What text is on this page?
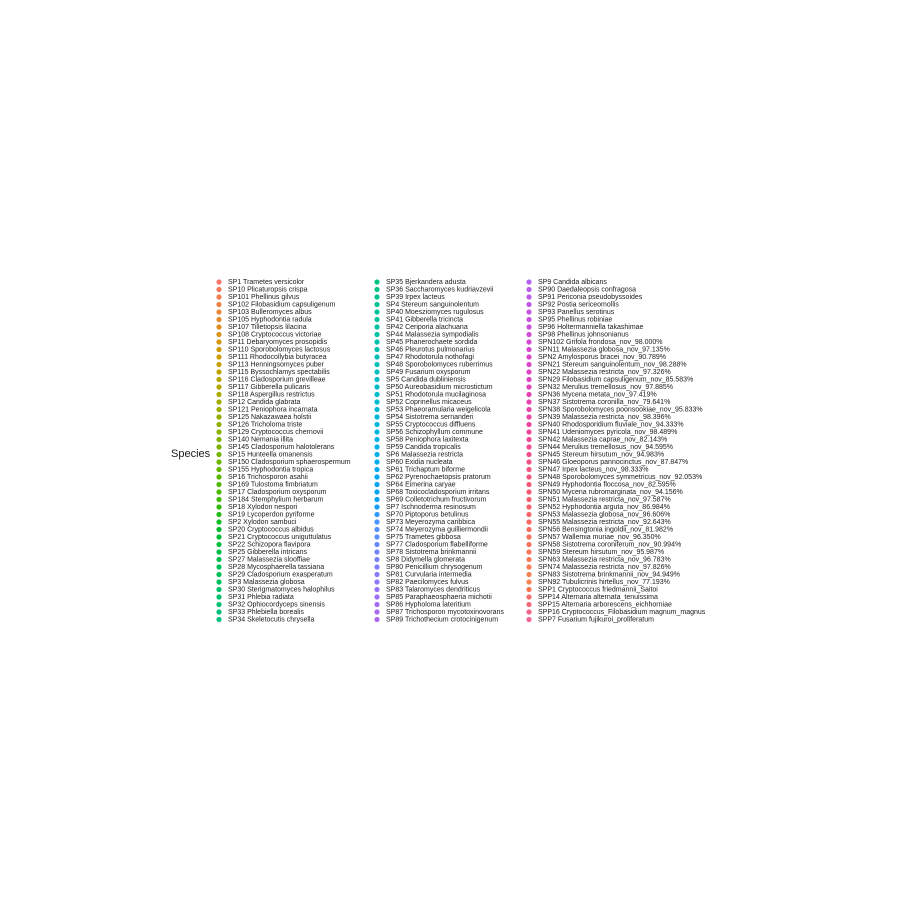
Species
SP1 Trametes versicolor
SP10 Plicaturopsis crispa
SP101 Phellinus gilvus
SP102 Filobasidium capsuligenum
SP103 Bulleromyces albus
SP105 Hyphodontia radula
SP107 Tilletiopsis lilacina
SP108 Cryptococcus victoriae
SP11 Debaryomyces prosopidis
SP110 Sporobolomyces lactosus
SP111 Rhodocollybia butyracea
SP113 Henningsomyces puber
SP115 Byssochlamys spectabilis
SP116 Cladosporium grevilleae
SP117 Gibberella pulicaris
SP118 Aspergillus restrictus
SP12 Candida glabrata
SP121 Peniophora incarnata
SP125 Nakazawaea holstii
SP126 Tricholoma triste
SP129 Cryptococcus chernovii
SP140 Nemania illita
SP145 Cladosporium halotolerans
SP15 Hunteella omanensis
SP150 Cladosporium sphaerospermum
SP155 Hyphodontia tropica
SP16 Trichosporon asahii
SP169 Tulostoma fimbriatum
SP17 Cladosporium oxysporum
SP184 Stemphylium herbarum
SP18 Xylodon nespori
SP19 Lycoperdon pyriforme
SP2 Xylodon sambuci
SP20 Cryptococcus albidus
SP21 Cryptococcus uniguttulatus
SP22 Schizopora flavipora
SP25 Gibberella intricans
SP27 Malassezia slooffiae
SP28 Mycosphaerella tassiana
SP29 Cladosporium exasperatum
SP3 Malassezia globosa
SP30 Sterigmatomyces halophilus
SP31 Phlebia radiata
SP32 Ophiocordyceps sinensis
SP33 Phlebiella borealis
SP34 Skeletocutis chrysella
SP35 Bjerkandera adusta
SP36 Saccharomyces kudriavzevii
SP39 Irpex lacteus
SP4 Stereum sanguinolentum
SP40 Moesziomyces rugulosus
SP41 Gibberella tricincta
SP42 Ceriporia alachuana
SP44 Malassezia sympodialis
SP45 Phanerochaete sordida
SP46 Pleurotus pulmonarius
SP47 Rhodotorula nothofagi
SP48 Sporobolomyces ruberrimus
SP49 Fusarium oxysporum
SP5 Candida dubliniensis
SP50 Aureobasidium microstictum
SP51 Rhodotorula mucilaginosa
SP52 Coprinellus micaceus
SP53 Phaeoramularia weigelicola
SP54 Sistotrema sernanderi
SP55 Cryptococcus diffluens
SP56 Schizophyllum commune
SP58 Peniophora laxitexta
SP59 Candida tropicalis
SP6 Malassezia restricta
SP60 Exidia nucleata
SP61 Trichaptum biforme
SP62 Pyrenochaetopsis pratorum
SP64 Eimerina caryae
SP68 Toxicocladosporium irritans
SP69 Colletotrichum fructivorum
SP7 Ischnoderma resinosum
SP70 Piptoporus betulinus
SP73 Meyerozyma caribbica
SP74 Meyerozyma guilliermondii
SP75 Trametes gibbosa
SP77 Cladosporium flabelliforme
SP78 Sistotrema brinkmannii
SP8 Didymella glomerata
SP80 Penicillium chrysogenum
SP81 Curvularia intermedia
SP82 Paecilomyces fulvus
SP83 Talaromyces dendriticus
SP85 Paraphaeosphaeria michotii
SP86 Hypholoma lateritium
SP87 Trichosporon mycotoxinovorans
SP89 Trichothecium crotocinigenum
SP9 Candida albicans
SP90 Daedaleopsis confragosa
SP91 Periconia pseudobyssoides
SP92 Postia sericeomollis
SP93 Panellus serotinus
SP95 Phellinus robiniae
SP96 Holtermanniella takashimae
SP98 Phellinus johnsonianus
SPN102 Grifola frondosa_nov_98.000%
SPN11 Malassezia globosa_nov_97.135%
SPN2 Amylosporus bracei_nov_90.789%
SPN21 Stereum sanguinolentum_nov_98.288%
SPN22 Malassezia restricta_nov_97.326%
SPN29 Filobasidium capsuligenum_nov_85.583%
SPN32 Merulius tremellosus_nov_97.885%
SPN36 Mycena metata_nov_97.419%
SPN37 Sistotrema coronilla_nov_79.641%
SPN38 Sporobolomyces poonsookiae_nov_95.833%
SPN39 Malassezia restricta_nov_98.396%
SPN40 Rhodosporidium fluviale_nov_94.333%
SPN41 Udeniomyces pyricola_nov_98.489%
SPN42 Malassezia caprae_nov_82.143%
SPN44 Merulius tremellosus_nov_94.595%
SPN45 Stereum hirsutum_nov_94.983%
SPN46 Gloeoporus pannocinctus_nov_87.847%
SPN47 Irpex lacteus_nov_98.333%
SPN48 Sporobolomyces symmetricus_nov_92.053%
SPN49 Hyphodontia floccosa_nov_82.595%
SPN50 Mycena rubromarginata_nov_94.156%
SPN51 Malassezia restricta_nov_97.587%
SPN52 Hyphodontia arguta_nov_86.984%
SPN53 Malassezia globosa_nov_96.606%
SPN55 Malassezia restricta_nov_92.643%
SPN56 Bensingtonia ingoldii_nov_81.982%
SPN57 Wallemia muriae_nov_96.350%
SPN58 Sistotrema coroniferum_nov_90.994%
SPN59 Stereum hirsutum_nov_95.987%
SPN63 Malassezia restricta_nov_96.783%
SPN74 Malassezia restricta_nov_97.826%
SPN83 Sistotrema brinkmannii_nov_94.949%
SPN92 Tubulicrinis hirtellus_nov_77.193%
SPP1 Cryptococcus friedmannii_Saitoi
SPP14 Alternaria alternata_tenuissima
SPP15 Alternaria arborescens_eichhorniae
SPP16 Cryptococcus_Filobasidium magnum_magnus
SPP7 Fusarium fujikuroi_proliferatum
